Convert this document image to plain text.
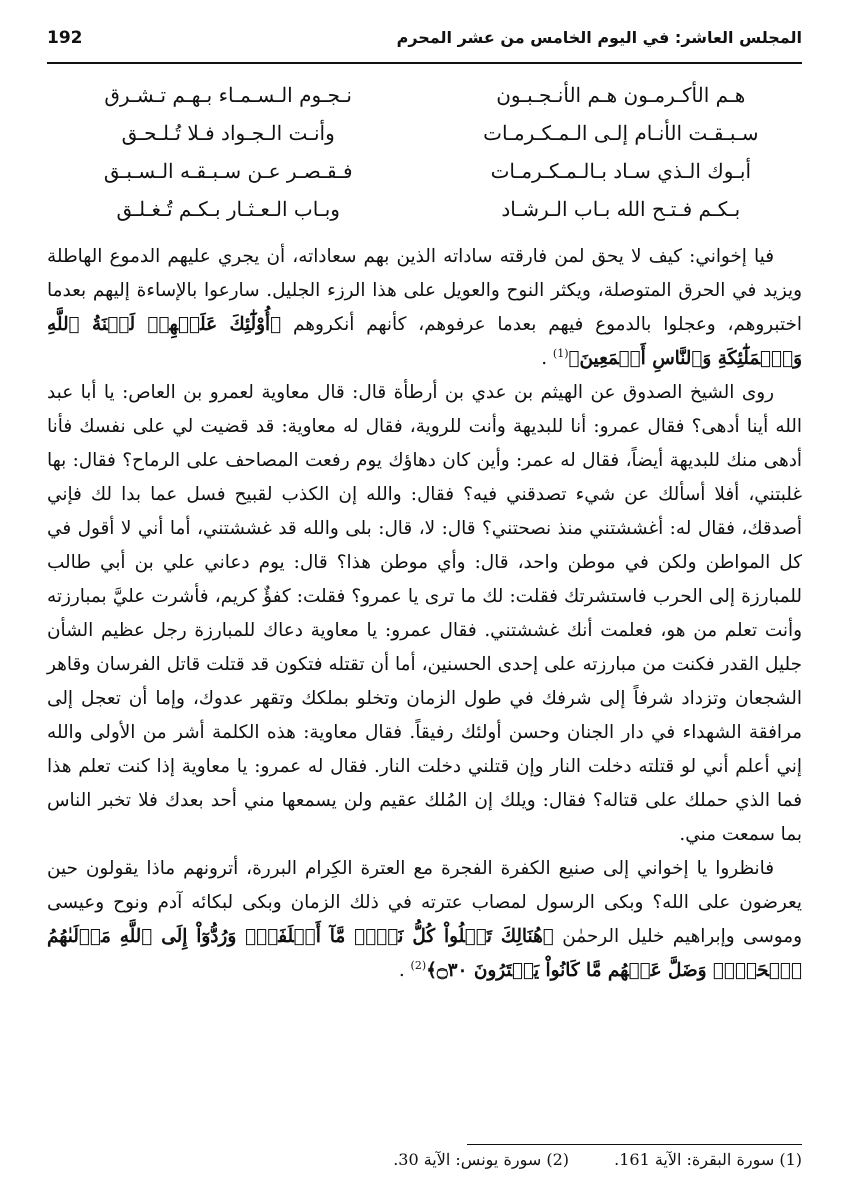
المجلس العاشر: في اليوم الخامس من عشر المحرم
192
هـم الأكـرمـون هـم الأنـجـبـون
نـجـوم الـسـمـاء بـهـم تـشـرق
سـبـقـت الأنـام إلـى الـمـكـرمـات
وأنـت الـجـواد فـلا تُـلـحـق
أبـوك الـذي سـاد بـالـمـكـرمـات
فـقـصـر عـن سـبـقـه الـسـبـق
بـكـم فـتـح الله بـاب الـرشـاد
وبـاب الـعـثـار بـكـم تُـغـلـق

فيا إخواني: كيف لا يحق لمن فارقته ساداته الذين بهم سعاداته، أن يجري عليهم الدموع الهاطلة ويزيد في الحرق المتوصلة، ويكثر النوح والعويل على هذا الرزء الجليل. سارعوا بالإساءة إليهم بعدما اختبروهم، وعجلوا بالدموع فيهم بعدما عرفوهم، كأنهم أنكروهم ﴿أُوْلَٰٓئِكَ عَلَيۡهِمۡ لَعۡنَةُ ٱللَّهِ وَٱلۡمَلَٰٓئِكَةِ وَٱلنَّاسِ أَجۡمَعِينَ﴾$^{(1)}$ .

روى الشيخ الصدوق عن الهيثم بن عدي بن أرطأة قال: قال معاوية لعمرو بن العاص: يا أبا عبد الله أينا أدهى؟ فقال عمرو: أنا للبديهة وأنت للروية، فقال له معاوية: قد قضيت لي على نفسك فأنا أدهى منك للبديهة أيضاً، فقال له عمر: وأين كان دهاؤك يوم رفعت المصاحف على الرماح؟ فقال: بها غلبتني، أفلا أسألك عن شيء تصدقني فيه؟ فقال: والله إن الكذب لقبيح فسل عما بدا لك فإني أصدقك، فقال له: أغششتني منذ نصحتني؟ قال: لا، قال: بلى والله قد غششتني، أما أني لا أقول في كل المواطن ولكن في موطن واحد، قال: وأي موطن هذا؟ قال: يوم دعاني علي بن أبي طالب للمبارزة إلى الحرب فاستشرتك فقلت: لك ما ترى يا عمرو؟ فقلت: كفؤٌ كريم، فأشرت عليَّ بمبارزته وأنت تعلم من هو، فعلمت أنك غششتني. فقال عمرو: يا معاوية دعاك للمبارزة رجل عظيم الشأن جليل القدر فكنت من مبارزته على إحدى الحسنين، أما أن تقتله فتكون قد قتلت قاتل الفرسان وقاهر الشجعان وتزداد شرفاً إلى شرفك في طول الزمان وتخلو بملكك وتقهر عدوك، وإما أن تعجل إلى مرافقة الشهداء في دار الجنان وحسن أولئك رفيقاً. فقال معاوية: هذه الكلمة أشر من الأولى والله إني أعلم أني لو قتلته دخلت النار وإن قتلني دخلت النار. فقال له عمرو: يا معاوية إذا كنت تعلم هذا فما الذي حملك على قتاله؟ فقال: ويلك إن المُلك عقيم ولن يسمعها مني أحد بعدك فلا تخبر الناس بما سمعت مني.

فانظروا يا إخواني إلى صنيع الكفرة الفجرة مع العترة الكِرام البررة، أترونهم ماذا يقولون حين يعرضون على الله؟ وبكى الرسول لمصاب عترته في ذلك الزمان وبكى لبكائه آدم ونوح وعيسى وموسى وإبراهيم خليل الرحمٰن ﴿هُنَالِكَ تَبۡلُواْ كُلُّ نَفۡسٖ مَّآ أَسۡلَفَتۡۚ وَرُدُّوٓاْ إِلَى ٱللَّهِ مَوۡلَىٰهُمُ ٱلۡحَقِّۖ وَضَلَّ عَنۡهُم مَّا كَانُواْ يَفۡتَرُونَ ۝٣٠﴾$^{(2)}$ .

(1) سورة البقرة: الآية 161. (2) سورة يونس: الآية 30.
